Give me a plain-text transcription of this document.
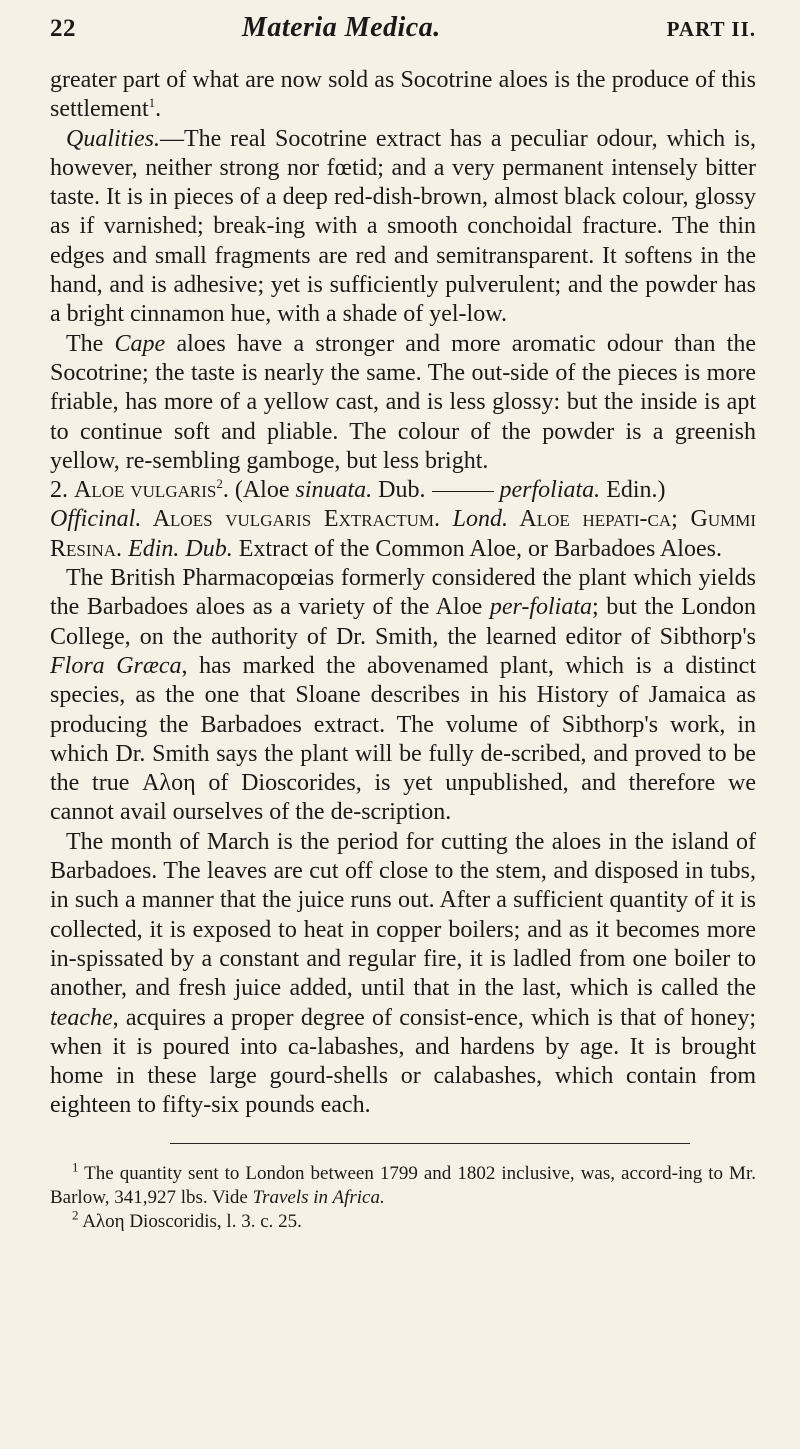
22	Materia Medica.	PART II.

greater part of what are now sold as Socotrine aloes is the produce of this settlement$^1$.

Qualities.—The real Socotrine extract has a peculiar odour, which is, however, neither strong nor fœtid; and a very permanent intensely bitter taste. It is in pieces of a deep red-dish-brown, almost black colour, glossy as if varnished; break-ing with a smooth conchoidal fracture. The thin edges and small fragments are red and semitransparent. It softens in the hand, and is adhesive; yet is sufficiently pulverulent; and the powder has a bright cinnamon hue, with a shade of yel-low.

The Cape aloes have a stronger and more aromatic odour than the Socotrine; the taste is nearly the same. The out-side of the pieces is more friable, has more of a yellow cast, and is less glossy: but the inside is apt to continue soft and pliable. The colour of the powder is a greenish yellow, re-sembling gamboge, but less bright.

2. Aloe vulgaris$^2$. (Aloe sinuata. Dub.	perfoliata. Edin.)
Officinal. Aloes vulgaris Extractum. Lond. Aloe hepati-ca; Gummi Resina. Edin. Dub. Extract of the Common Aloe, or Barbadoes Aloes.

The British Pharmacopœias formerly considered the plant which yields the Barbadoes aloes as a variety of the Aloe per-foliata; but the London College, on the authority of Dr. Smith, the learned editor of Sibthorp's Flora Græca, has marked the abovenamed plant, which is a distinct species, as the one that Sloane describes in his History of Jamaica as producing the Barbadoes extract. The volume of Sibthorp's work, in which Dr. Smith says the plant will be fully de-scribed, and proved to be the true Αλοη of Dioscorides, is yet unpublished, and therefore we cannot avail ourselves of the de-scription.

The month of March is the period for cutting the aloes in the island of Barbadoes. The leaves are cut off close to the stem, and disposed in tubs, in such a manner that the juice runs out. After a sufficient quantity of it is collected, it is exposed to heat in copper boilers; and as it becomes more in-spissated by a constant and regular fire, it is ladled from one boiler to another, and fresh juice added, until that in the last, which is called the teache, acquires a proper degree of consist-ence, which is that of honey; when it is poured into ca-labashes, and hardens by age. It is brought home in these large gourd-shells or calabashes, which contain from eighteen to fifty-six pounds each.

$^1$ The quantity sent to London between 1799 and 1802 inclusive, was, accord-ing to Mr. Barlow, 341,927 lbs. Vide Travels in Africa.

$^2$ Αλοη Dioscoridis, l. 3. c. 25.
